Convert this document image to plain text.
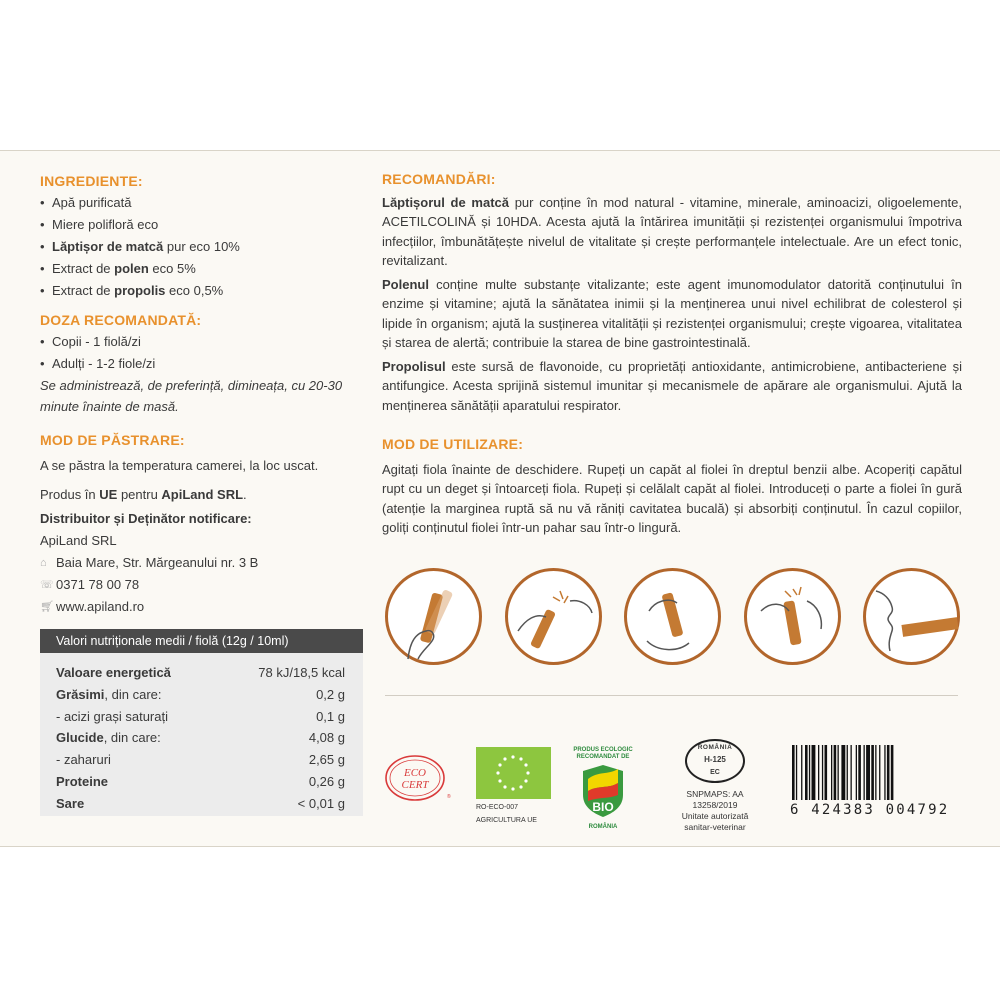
INGREDIENTE:
• Apă purificată
• Miere polifloră eco
• Lăptișor de matcă pur eco 10%
• Extract de polen eco 5%
• Extract de propolis eco 0,5%
DOZA RECOMANDATĂ:
• Copii - 1 fiolă/zi
• Adulți - 1-2 fiole/zi
Se administrează, de preferință, dimineața, cu 20-30 minute înainte de masă.
MOD DE PĂSTRARE:
A se păstra la temperatura camerei, la loc uscat.
Produs în UE pentru ApiLand SRL.
Distribuitor și Deținător notificare:
ApiLand SRL
⌂ Baia Mare, Str. Mărgeanului nr. 3 B
☏ 0371 78 00 78
🛒︎ www.apiland.ro
Valori nutriționale medii / fiolă (12g / 10ml)
Valoare energetică	78 kJ/18,5 kcal
Grăsimi, din care:	0,2 g
- acizi grași saturați	0,1 g
Glucide, din care:	4,08 g
- zaharuri	2,65 g
Proteine	0,26 g
Sare	< 0,01 g
RECOMANDĂRI:

Lăptișorul de matcă pur conține în mod natural - vitamine, minerale, aminoacizi, oligoelemente, ACETILCOLINĂ și 10HDA. Acesta ajută la întărirea imunității și rezistenței organismului împotriva infecțiilor, îmbunătățește nivelul de vitalitate și crește performanțele intelectuale. Are un efect tonic, revitalizant.

Polenul conține multe substanțe vitalizante; este agent imunomodulator datorită conținutului în enzime și vitamine; ajută la sănătatea inimii și la menținerea unui nivel echilibrat de colesterol și lipide în organism; ajută la susținerea vitalității și rezistenței organismului; crește vigoarea, vitalitatea și starea de alertă; contribuie la starea de bine gastrointestinală.

Propolisul este sursă de flavonoide, cu proprietăți antioxidante, antimicrobiene, antibacteriene și antifungice. Acesta sprijină sistemul imunitar și mecanismele de apărare ale organismului. Ajută la menținerea sănătății aparatului respirator.

MOD DE UTILIZARE:

Agitați fiola înainte de deschidere. Rupeți un capăt al fiolei în dreptul benzii albe. Acoperiți capătul rupt cu un deget și întoarceți fiola. Rupeți și celălalt capăt al fiolei. Introduceți o parte a fiolei în gură (atenție la marginea ruptă să nu vă răniți cavitatea bucală) și absorbiți conținutul. În cazul copiilor, goliți conținutul fiolei într-un pahar sau într-o lingură.

ECO
CERT
®
RO-ECO-007
AGRICULTURA UE
PRODUS ECOLOGIC RECOMANDAT DE
BIO
ROMÂNIA
ROMÂNIA
H-125
EC
SNPMAPS: AA 13258/2019
Unitate autorizată
sanitar-veterinar
6 424383 004792
